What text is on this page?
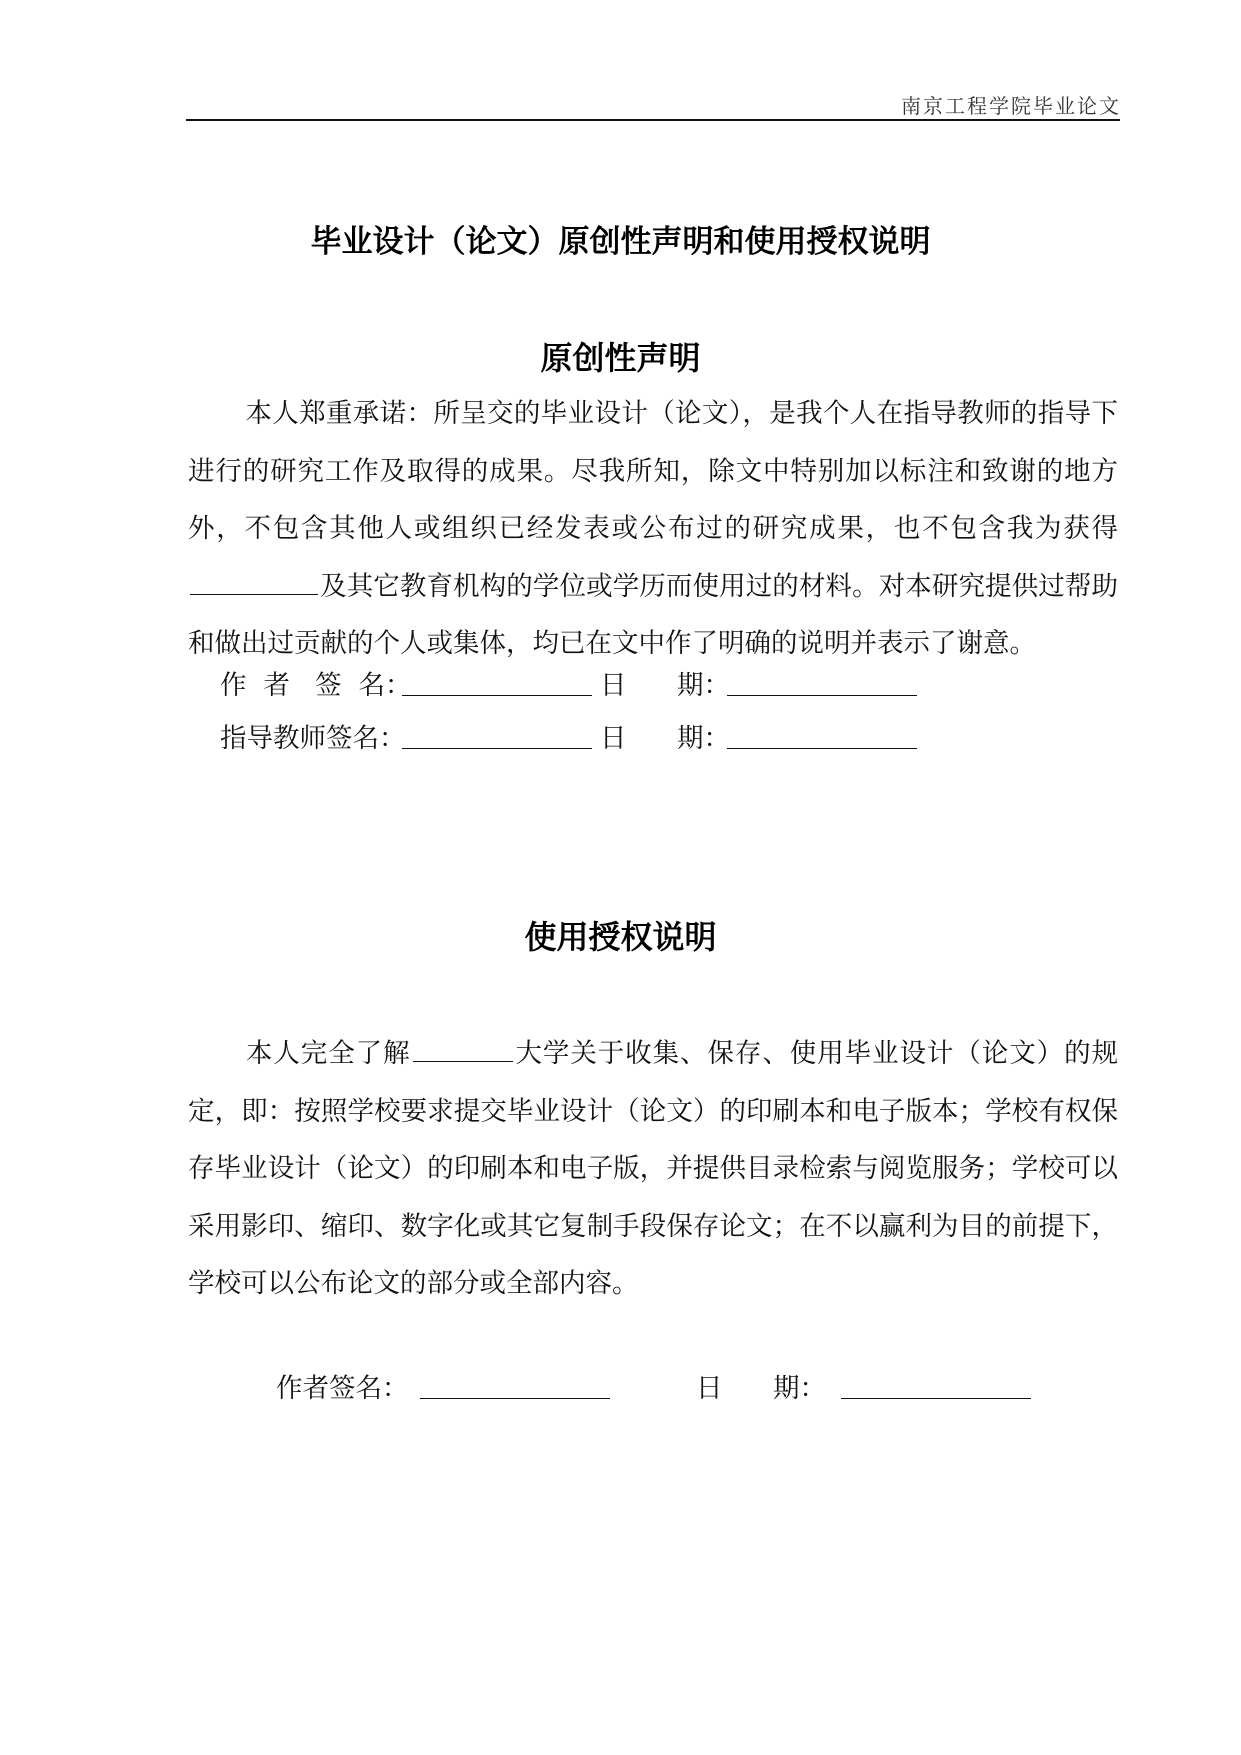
南京工程学院毕业论文
毕业设计（论文）原创性声明和使用授权说明
原创性声明
本人郑重承诺：所呈交的毕业设计（论文），是我个人在指导教师的指导下进行的研究工作及取得的成果。尽我所知，除文中特别加以标注和致谢的地方外，不包含其他人或组织已经发表或公布过的研究成果，也不包含我为获得及其它教育机构的学位或学历而使用过的材料。对本研究提供过帮助和做出过贡献的个人或集体，均已在文中作了明确的说明并表示了谢意。
作  者   签  名：	日      期：
指导教师签名：	日      期：
使用授权说明
本人完全了解	大学关于收集、保存、使用毕业设计（论文）的规定，即：按照学校要求提交毕业设计（论文）的印刷本和电子版本；学校有权保存毕业设计（论文）的印刷本和电子版，并提供目录检索与阅览服务；学校可以采用影印、缩印、数字化或其它复制手段保存论文；在不以赢利为目的前提下，学校可以公布论文的部分或全部内容。
作者签名：	日      期：
